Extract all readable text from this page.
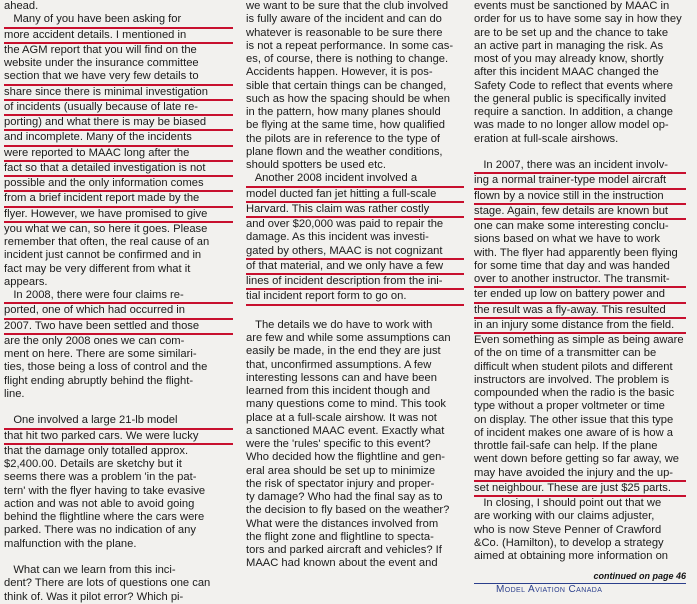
ahead.
Many of you have been asking for
more accident details. I mentioned in
the AGM report that you will find on the
website under the insurance committee
section that we have very few details to
share since there is minimal investigation
of incidents (usually because of late re-
porting) and what there is may be biased
and incomplete. Many of the incidents
were reported to MAAC long after the
fact so that a detailed investigation is not
possible and the only information comes
from a brief incident report made by the
flyer. However, we have promised to give
you what we can, so here it goes. Please
remember that often, the real cause of an
incident just cannot be confirmed and in
fact may be very different from what it
appears.
In 2008, there were four claims re-
ported, one of which had occurred in
2007. Two have been settled and those
are the only 2008 ones we can com-
ment on here. There are some similari-
ties, those being a loss of control and the
flight ending abruptly behind the flight-
line.
One involved a large 21-lb model
that hit two parked cars. We were lucky
that the damage only totalled approx.
$2,400.00. Details are sketchy but it
seems there was a problem 'in the pat-
tern' with the flyer having to take evasive
action and was not able to avoid going
behind the flightline where the cars were
parked. There was no indication of any
malfunction with the plane.
What can we learn from this inci-
dent? There are lots of questions one can
think of. Was it pilot error? Which pi-
we want to be sure that the club involved
is fully aware of the incident and can do
whatever is reasonable to be sure there
is not a repeat performance. In some cas-
es, of course, there is nothing to change.
Accidents happen. However, it is pos-
sible that certain things can be changed,
such as how the spacing should be when
in the pattern, how many planes should
be flying at the same time, how qualified
the pilots are in reference to the type of
plane flown and the weather conditions,
should spotters be used etc.
Another 2008 incident involved a
model ducted fan jet hitting a full-scale
Harvard. This claim was rather costly
and over $20,000 was paid to repair the
damage. As this incident was investi-
gated by others, MAAC is not cognizant
of that material, and we only have a few
lines of incident description from the ini-
tial incident report form to go on.
The details we do have to work with
are few and while some assumptions can
easily be made, in the end they are just
that, unconfirmed assumptions. A few
interesting lessons can and have been
learned from this incident though and
many questions come to mind. This took
place at a full-scale airshow. It was not
a sanctioned MAAC event. Exactly what
were the 'rules' specific to this event?
Who decided how the flightline and gen-
eral area should be set up to minimize
the risk of spectator injury and proper-
ty damage? Who had the final say as to
the decision to fly based on the weather?
What were the distances involved from
the flight zone and flightline to specta-
tors and parked aircraft and vehicles? If
MAAC had known about the event and
events must be sanctioned by MAAC in
order for us to have some say in how they
are to be set up and the chance to take
an active part in managing the risk. As
most of you may already know, shortly
after this incident MAAC changed the
Safety Code to reflect that events where
the general public is specifically invited
require a sanction. In addition, a change
was made to no longer allow model op-
eration at full-scale airshows.
In 2007, there was an incident involv-
ing a normal trainer-type model aircraft
flown by a novice still in the instruction
stage. Again, few details are known but
one can make some interesting conclu-
sions based on what we have to work
with. The flyer had apparently been flying
for some time that day and was handed
over to another instructor. The transmit-
ter ended up low on battery power and
the result was a fly-away. This resulted
in an injury some distance from the field.
Even something as simple as being aware
of the on time of a transmitter can be
difficult when student pilots and different
instructors are involved. The problem is
compounded when the radio is the basic
type without a proper voltmeter or time
on display. The other issue that this type
of incident makes one aware of is how a
throttle fail-safe can help. If the plane
went down before getting so far away, we
may have avoided the injury and the up-
set neighbour. These are just $25 parts.
In closing, I should point out that we
are working with our claims adjuster,
who is now Steve Penner of Crawford
&Co. (Hamilton), to develop a strategy
aimed at obtaining more information on
continued on page 46
Model Aviation Canada
